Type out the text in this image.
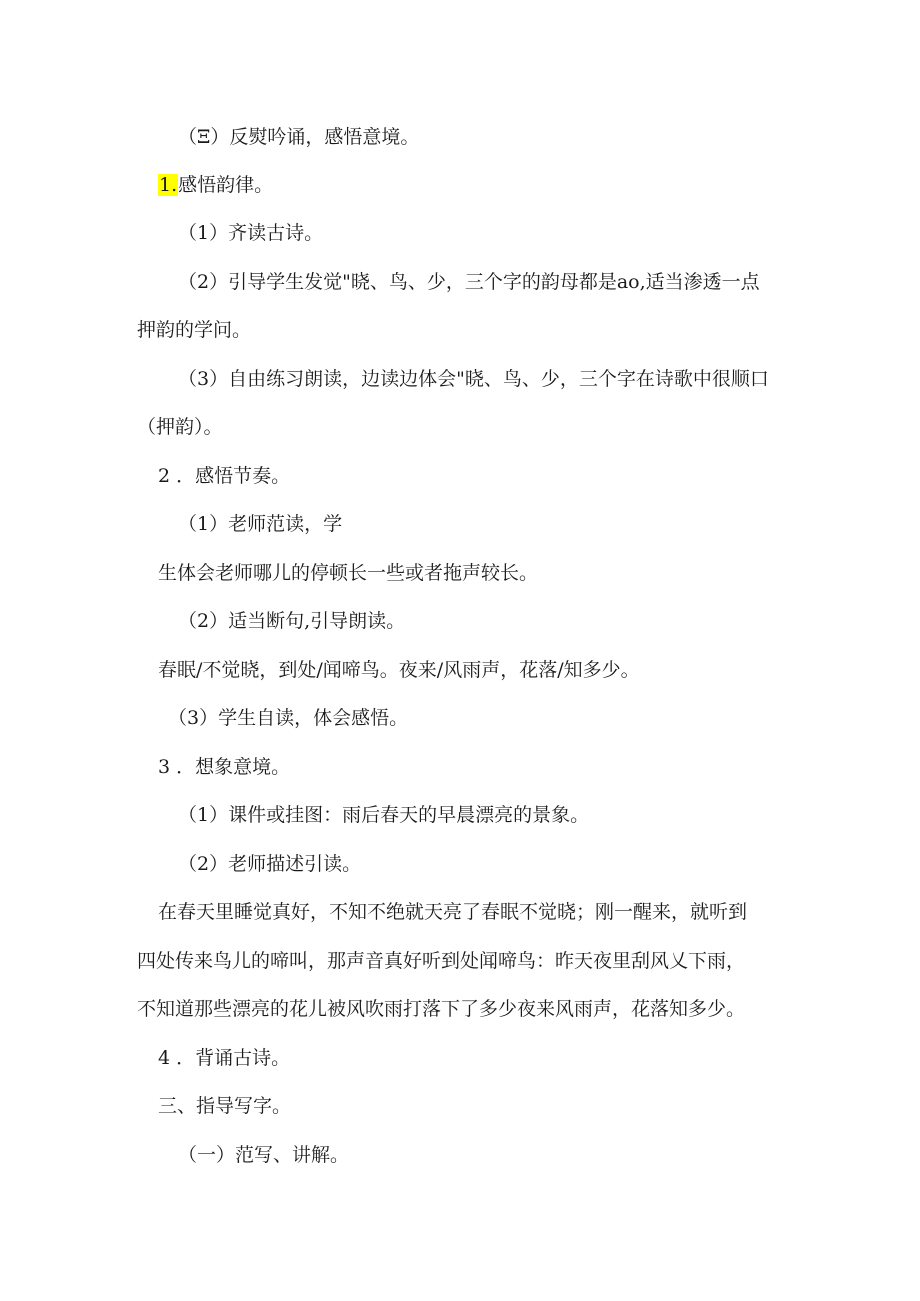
（Ξ）反熨吟诵，感悟意境。
1.感悟韵律。
（1）齐读古诗。
（2）引导学生发觉"晓、鸟、少，三个字的韵母都是ao,适当渗透一点
押韵的学问。
（3）自由练习朗读，边读边体会"晓、鸟、少，三个字在诗歌中很顺口
（押韵）。
2 ．感悟节奏。
（1）老师范读，学
生体会老师哪儿的停顿长一些或者拖声较长。
（2）适当断句,引导朗读。
春眠/不觉晓，到处/闻啼鸟。夜来/风雨声，花落/知多少。
（3）学生自读，体会感悟。
3 ．想象意境。
（1）课件或挂图：雨后春天的早晨漂亮的景象。
（2）老师描述引读。
在春天里睡觉真好，不知不绝就天亮了春眠不觉晓；刚一醒来，就听到
四处传来鸟儿的啼叫，那声音真好听到处闻啼鸟：昨天夜里刮风乂下雨，
不知道那些漂亮的花儿被风吹雨打落下了多少夜来风雨声，花落知多少。
4 ．背诵古诗。
三、指导写字。
（一）范写、讲解。
